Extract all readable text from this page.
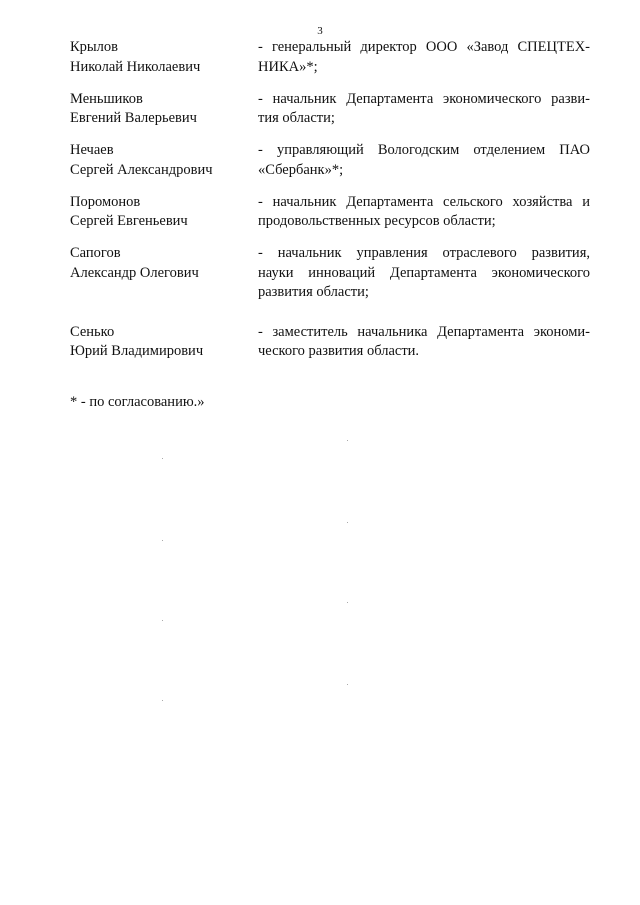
3
Крылов
Николай Николаевич
- генеральный директор ООО «Завод СПЕЦТЕХ-
НИКА»*;
Меньшиков
Евгений Валерьевич
- начальник Департамента экономического разви-
тия области;
Нечаев
Сергей Александрович
- управляющий Вологодским отделением ПАО
«Сбербанк»*;
Поромонов
Сергей Евгеньевич
- начальник Департамента сельского хозяйства и
продовольственных ресурсов области;
Сапогов
Александр Олегович
- начальник управления отраслевого развития,
науки инноваций Департамента экономического
развития области;
Сенько
Юрий Владимирович
- заместитель начальника Департамента экономи-
ческого развития области.
* - по согласованию.»
